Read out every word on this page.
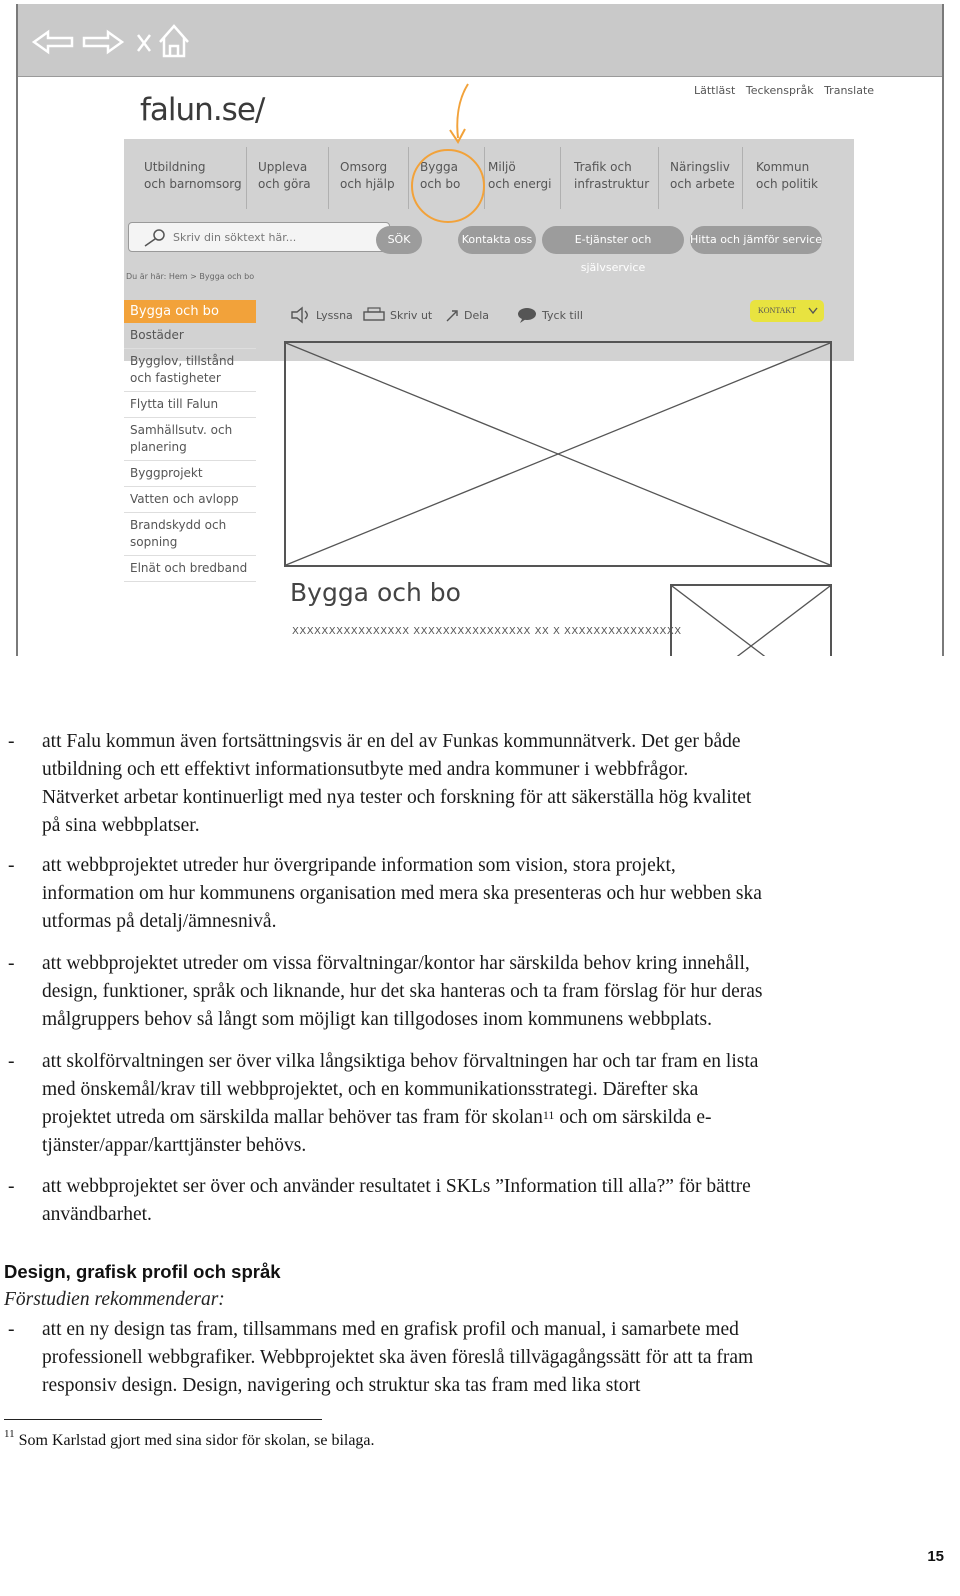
falun.se/
Lättläst Teckenspråk Translate
Utbildning
och barnomsorg
Uppleva
och göra
Omsorg
och hjälp
Bygga
och bo
Miljö
och energi
Trafik och
infrastruktur
Näringsliv
och arbete
Kommun
och politik
Skriv din söktext här...	SÖK	Kontakta oss	E-tjänster och självservice
Hitta och jämför service
Du är här: Hem > Bygga och bo
Bygga och bo
Bostäder
Bygglov, tillstånd och fastigheter
Flytta till Falun
Samhällsutv. och planering
Byggprojekt
Vatten och avlopp
Brandskydd och sopning
Elnät och bredband
Lyssna	Skriv ut	Dela	Tyck till	KONTAKT
Bygga och bo
XXXXXXXXXXXXXXXX XXXXXXXXXXXXXXXX XX X XXXXXXXXXXXXXXXX
- att Falu kommun även fortsättningsvis är en del av Funkas kommunnätverk. Det ger både

utbildning och ett effektivt informationsutbyte med andra kommuner i webbfrågor.

Nätverket arbetar kontinuerligt med nya tester och forskning för att säkerställa hög kvalitet

på sina webbplatser.

- att webbprojektet utreder hur övergripande information som vision, stora projekt,

information om hur kommunens organisation med mera ska presenteras och hur webben ska

utformas på detalj/ämnesnivå.

- att webbprojektet utreder om vissa förvaltningar/kontor har särskilda behov kring innehåll,

design, funktioner, språk och liknande, hur det ska hanteras och ta fram förslag för hur deras

målgruppers behov så långt som möjligt kan tillgodoses inom kommunens webbplats.

- att skolförvaltningen ser över vilka långsiktiga behov förvaltningen har och tar fram en lista

med önskemål/krav till webbprojektet, och en kommunikationsstrategi. Därefter ska

projektet utreda om särskilda mallar behöver tas fram för skolan$^{11}$ och om särskilda e-

tjänster/appar/karttjänster behövs.

- att webbprojektet ser över och använder resultatet i SKLs ”Information till alla?” för bättre

användbarhet.

Design, grafisk profil och språk
Förstudien rekommenderar:
- att en ny design tas fram, tillsammans med en grafisk profil och manual, i samarbete med

professionell webbgrafiker. Webbprojektet ska även föreslå tillvägagångssätt för att ta fram

responsiv design. Design, navigering och struktur ska tas fram med lika stort

$^{11}$ Som Karlstad gjort med sina sidor för skolan, se bilaga.
15
